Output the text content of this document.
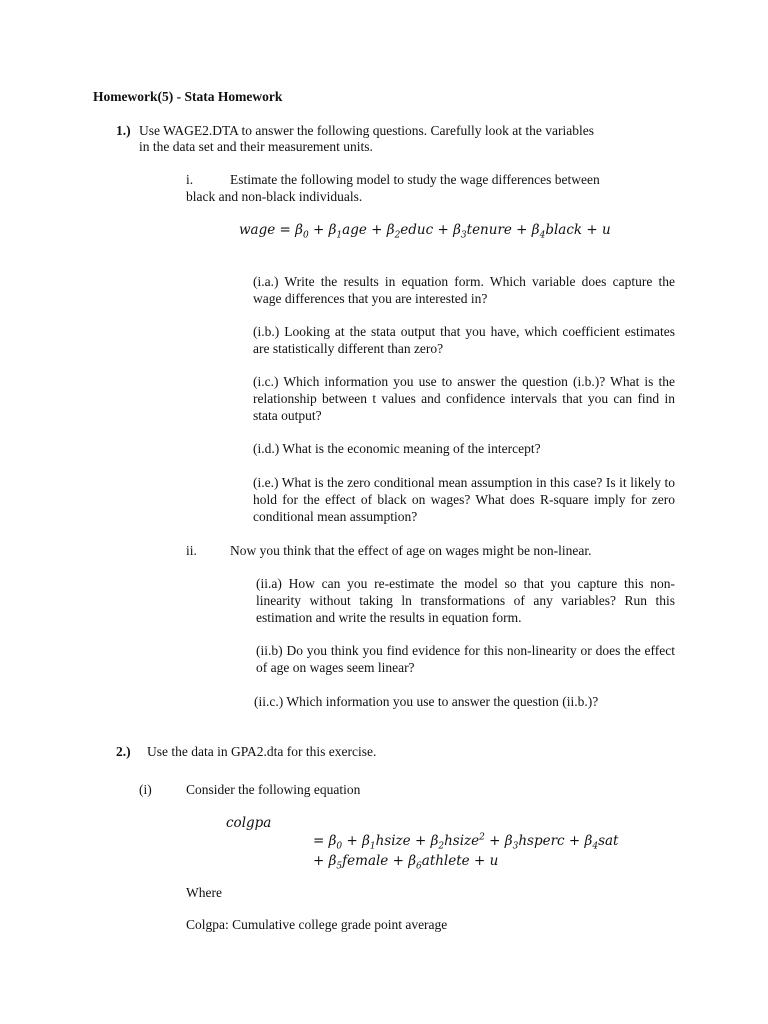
Homework(5) - Stata Homework
1.) Use WAGE2.DTA to answer the following questions. Carefully look at the variables
in the data set and their measurement units.
i.	Estimate the following model to study the wage differences between
black and non-black individuals.
wage = $\beta_0 + \beta_1age$ + $\beta_2educ$ + $\beta_3tenure$ + $\beta_4black + u$
(i.a.) Write the results in equation form. Which variable does capture the wage differences that you are interested in?
(i.b.) Looking at the stata output that you have, which coefficient estimates are statistically different than zero?
(i.c.) Which information you use to answer the question (i.b.)? What is the relationship between t values and confidence intervals that you can find in stata output?
(i.d.) What is the economic meaning of the intercept?
(i.e.) What is the zero conditional mean assumption in this case? Is it likely to hold for the effect of black on wages? What does R-square imply for zero conditional mean assumption?
ii. Now you think that the effect of age on wages might be non-linear.
(ii.a) How can you re-estimate the model so that you capture this non-linearity without taking ln transformations of any variables? Run this estimation and write the results in equation form.
(ii.b) Do you think you find evidence for this non-linearity or does the effect of age on wages seem linear?
(ii.c.) Which information you use to answer the question (ii.b.)?
2.) Use the data in GPA2.dta for this exercise.
(i)	Consider the following equation
colgpa
= $\beta_0$ + $\beta_1hsize$ + $\beta_2hsize^2$ + $\beta_3hsperc + \beta_4sat$
+ $\beta_5female$ + $\beta_6athlete + u$
Where
Colgpa: Cumulative college grade point average
